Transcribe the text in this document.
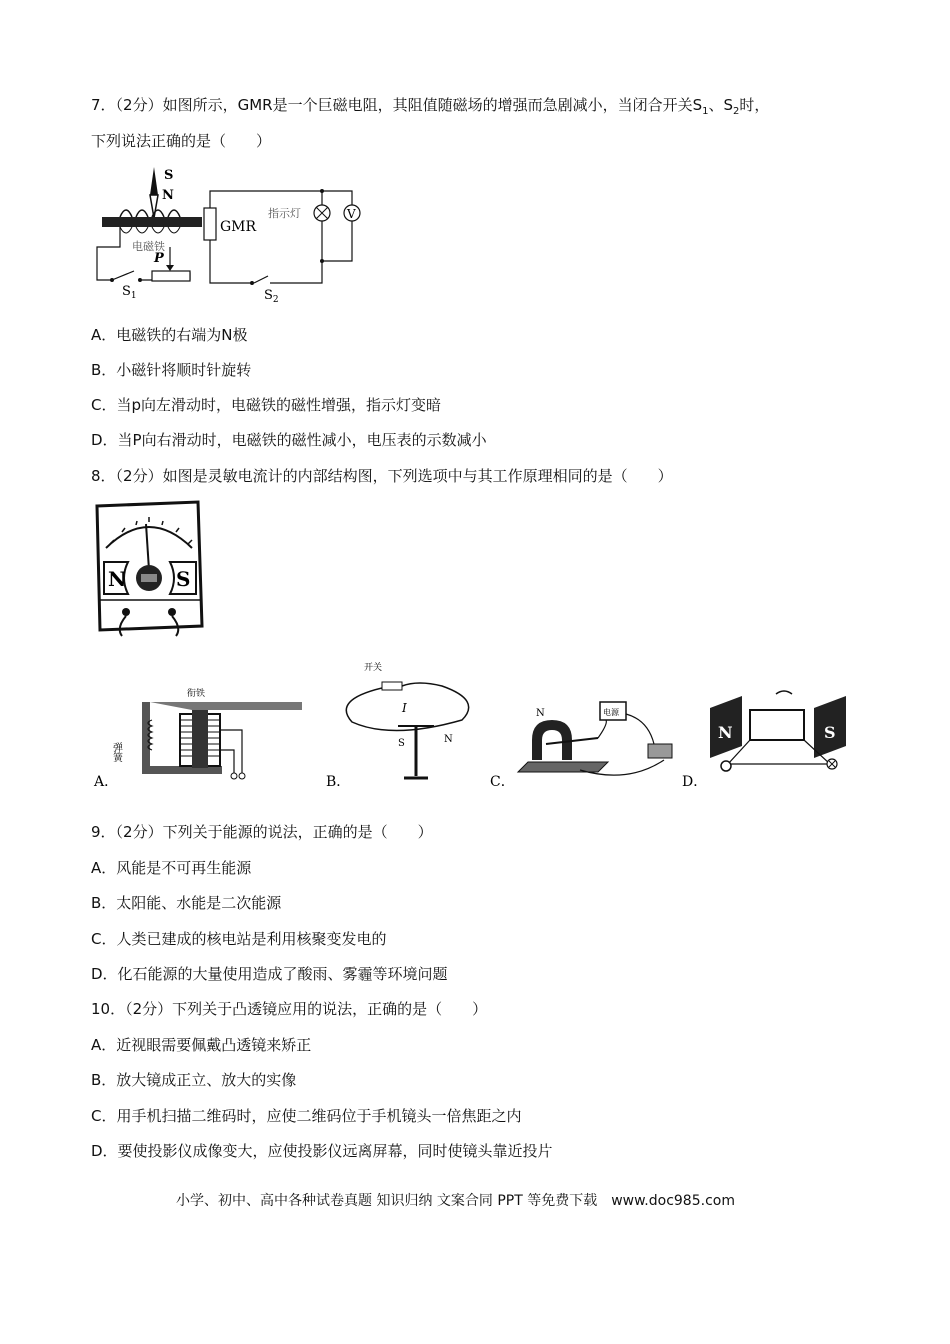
7．（2分）如图所示，GMR是一个巨磁电阻，其阻值随磁场的增强而急剧减小，当闭合开关$S_1$、$S_2$时，
下列说法正确的是（　　）
S
N
电磁铁
$S_1$
P
GMR
$S_2$
指示灯	V
A．电磁铁的右端为N极
B．小磁针将顺时针旋转
C．当p向左滑动时，电磁铁的磁性增强，指示灯变暗
D．当P向右滑动时，电磁铁的磁性减小，电压表的示数减小
8．（2分）如图是灵敏电流计的内部结构图，下列选项中与其工作原理相同的是（　　）
N S
A．
衔铁
弹簧
B．
开关
I
S	N
C．
N	电源
D．
N	S
9．（2分）下列关于能源的说法，正确的是（　　）
A．风能是不可再生能源
B．太阳能、水能是二次能源
C．人类已建成的核电站是利用核聚变发电的
D．化石能源的大量使用造成了酸雨、雾霾等环境问题
10．（2分）下列关于凸透镜应用的说法，正确的是（　　）
A．近视眼需要佩戴凸透镜来矫正
B．放大镜成正立、放大的实像
C．用手机扫描二维码时，应使二维码位于手机镜头一倍焦距之内
D．要使投影仪成像变大，应使投影仪远离屏幕，同时使镜头靠近投片
小学、初中、高中各种试卷真题 知识归纳 文案合同 PPT 等免费下载　www.doc985.com
